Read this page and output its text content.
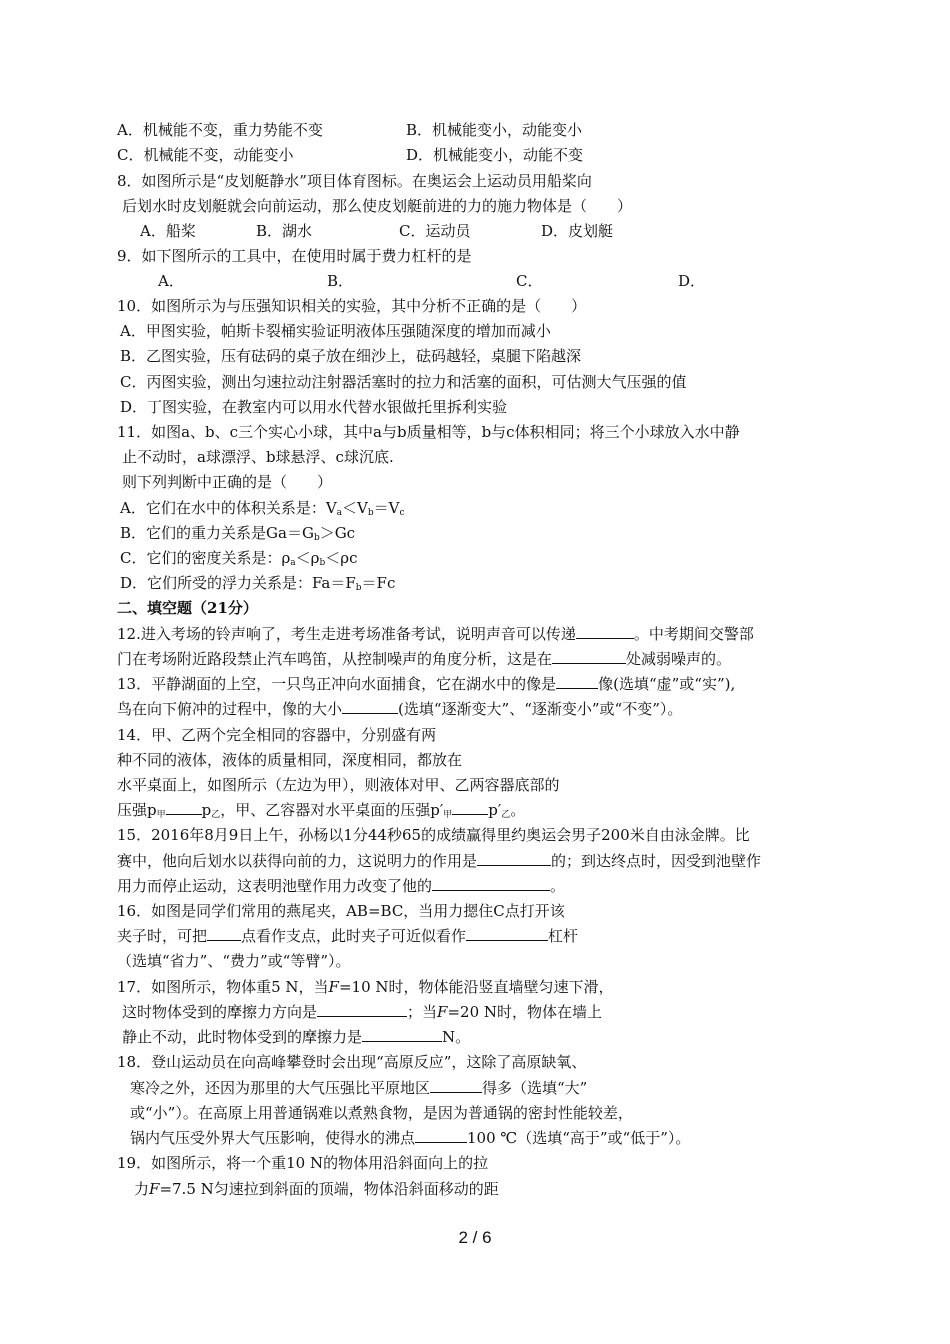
A．机械能不变，重力势能不变	B．机械能变小，动能变小
C．机械能不变，动能变小	D．机械能变小，动能不变
8．如图所示是“皮划艇静水”项目体育图标。在奥运会上运动员用船桨向
后划水时皮划艇就会向前运动，那么使皮划艇前进的力的施力物体是（　　）
A．船桨	B．湖水	C．运动员	D．皮划艇
9．如下图所示的工具中，在使用时属于费力杠杆的是
A．	B．	C．	D．
10．如图所示为与压强知识相关的实验，其中分析不正确的是（　　）
A．甲图实验，帕斯卡裂桶实验证明液体压强随深度的增加而减小
B．乙图实验，压有砝码的桌子放在细沙上，砝码越轻，桌腿下陷越深
C．丙图实验，测出匀速拉动注射器活塞时的拉力和活塞的面积，可估测大气压强的值
D．丁图实验，在教室内可以用水代替水银做托里拆利实验
11．如图a、b、c三个实心小球，其中a与b质量相等，b与c体积相同；将三个小球放入水中静
止不动时，a球漂浮、b球悬浮、c球沉底.
则下列判断中正确的是（　　）
A．它们在水中的体积关系是：$V_a<V_b=V_c$
B．它们的重力关系是$Ga=G_b>Gc$
C．它们的密度关系是：$\rho_a<\rho_b<\rho c$
D．它们所受的浮力关系是：$Fa=F_b=Fc$
二、填空题（21分）
12.进入考场的铃声响了，考生走进考场准备考试，说明声音可以传递	。中考期间交警部
门在考场附近路段禁止汽车鸣笛，从控制噪声的角度分析，这是在	处减弱噪声的。
13．平静湖面的上空，一只鸟正冲向水面捕食，它在湖水中的像是	像(选填“虚”或“实”),
鸟在向下俯冲的过程中，像的大小	(选填“逐渐变大”、“逐渐变小”或“不变”）。
14．甲、乙两个完全相同的容器中，分别盛有两
种不同的液体，液体的质量相同，深度相同，都放在
水平桌面上，如图所示（左边为甲），则液体对甲、乙两容器底部的
压强$p_甲$ $p_乙$，甲、乙容器对水平桌面的压强$p'_甲$ $p'_乙$。
15．2016年8月9日上午，孙杨以1分44秒65的成绩赢得里约奥运会男子200米自由泳金牌。比
赛中，他向后划水以获得向前的力，这说明力的作用是	的；到达终点时，因受到池壁作
用力而停止运动，这表明池壁作用力改变了他的	。
16．如图是同学们常用的燕尾夹，AB=BC，当用力摁住C点打开该
夹子时，可把 点看作支点，此时夹子可近似看作	杠杆
（选填“省力”、“费力”或“等臂”）。
17．如图所示，物体重5 N，当F=10 N时，物体能沿竖直墙壁匀速下滑，
这时物体受到的摩擦力方向是	；当F=20 N时，物体在墙上
静止不动，此时物体受到的摩擦力是	N。
18．登山运动员在向高峰攀登时会出现“高原反应”，这除了高原缺氧、
寒冷之外，还因为那里的大气压强比平原地区	得多（选填“大”
或“小”）。在高原上用普通锅难以煮熟食物，是因为普通锅的密封性能较差，
锅内气压受外界大气压影响，使得水的沸点	100 ℃（选填“高于”或“低于”）。
19．如图所示，将一个重10 N的物体用沿斜面向上的拉
力F=7.5 N匀速拉到斜面的顶端，物体沿斜面移动的距
2 / 6
